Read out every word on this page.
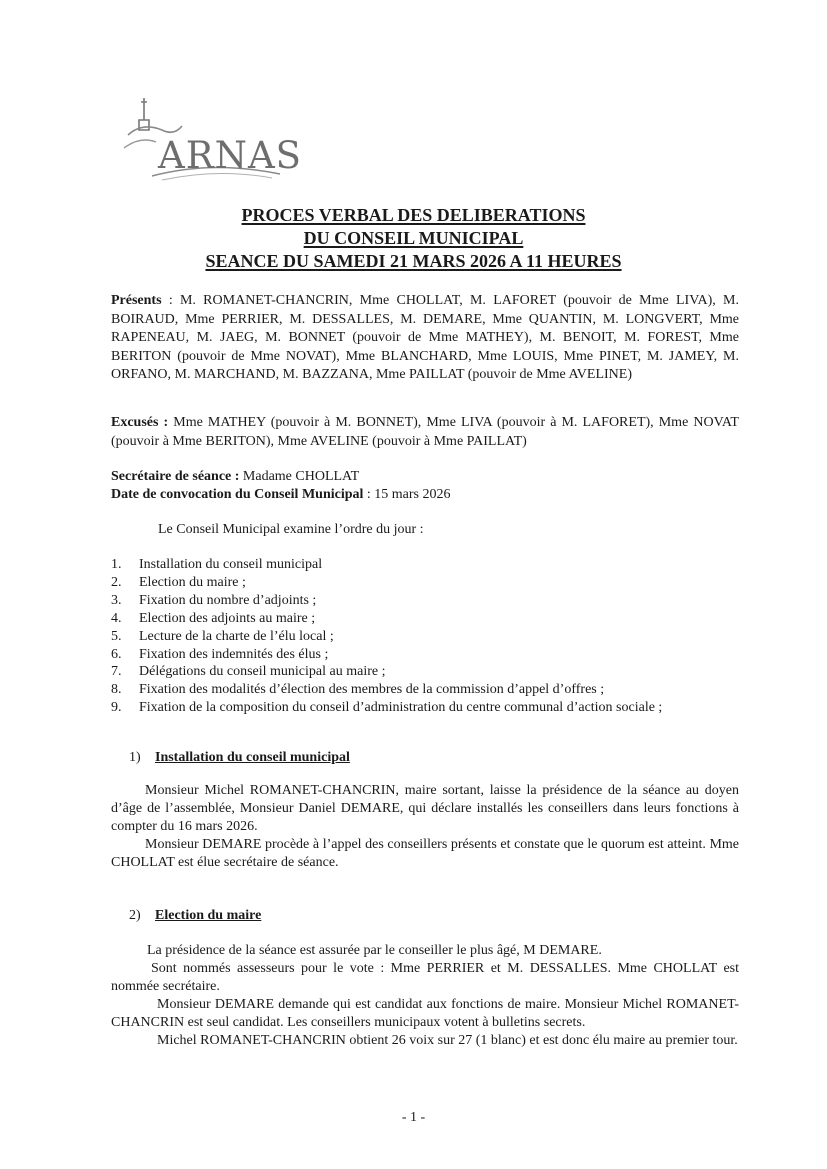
ARNAS
PROCES VERBAL DES DELIBERATIONS
DU CONSEIL MUNICIPAL
SEANCE DU SAMEDI 21 MARS 2026 A 11 HEURES
Présents : M. ROMANET-CHANCRIN, Mme CHOLLAT, M. LAFORET (pouvoir de Mme LIVA), M. BOIRAUD, Mme PERRIER, M. DESSALLES, M. DEMARE, Mme QUANTIN, M. LONGVERT, Mme RAPENEAU, M. JAEG, M. BONNET (pouvoir de Mme MATHEY), M. BENOIT, M. FOREST, Mme BERITON (pouvoir de Mme NOVAT), Mme BLANCHARD, Mme LOUIS, Mme PINET, M. JAMEY, M. ORFANO, M. MARCHAND, M. BAZZANA, Mme PAILLAT (pouvoir de Mme AVELINE)
Excusés : Mme MATHEY (pouvoir à M. BONNET), Mme LIVA (pouvoir à M. LAFORET), Mme NOVAT (pouvoir à Mme BERITON), Mme AVELINE (pouvoir à Mme PAILLAT)
Secrétaire de séance : Madame CHOLLAT
Date de convocation du Conseil Municipal : 15 mars 2026
Le Conseil Municipal examine l’ordre du jour :
1. Installation du conseil municipal
2. Election du maire ;
3. Fixation du nombre d’adjoints ;
4. Election des adjoints au maire ;
5. Lecture de la charte de l’élu local ;
6. Fixation des indemnités des élus ;
7. Délégations du conseil municipal au maire ;
8. Fixation des modalités d’élection des membres de la commission d’appel d’offres ;
9. Fixation de la composition du conseil d’administration du centre communal d’action sociale ;
1) Installation du conseil municipal

Monsieur Michel ROMANET-CHANCRIN, maire sortant, laisse la présidence de la séance au doyen d’âge de l’assemblée, Monsieur Daniel DEMARE, qui déclare installés les conseillers dans leurs fonctions à compter du 16 mars 2026.

Monsieur DEMARE procède à l’appel des conseillers présents et constate que le quorum est atteint. Mme CHOLLAT est élue secrétaire de séance.

2) Election du maire

La présidence de la séance est assurée par le conseiller le plus âgé, M DEMARE.

Sont nommés assesseurs pour le vote : Mme PERRIER et M. DESSALLES. Mme CHOLLAT est nommée secrétaire.

Monsieur DEMARE demande qui est candidat aux fonctions de maire. Monsieur Michel ROMANET-CHANCRIN est seul candidat. Les conseillers municipaux votent à bulletins secrets.

Michel ROMANET-CHANCRIN obtient 26 voix sur 27 (1 blanc) et est donc élu maire au premier tour.

- 1 -
